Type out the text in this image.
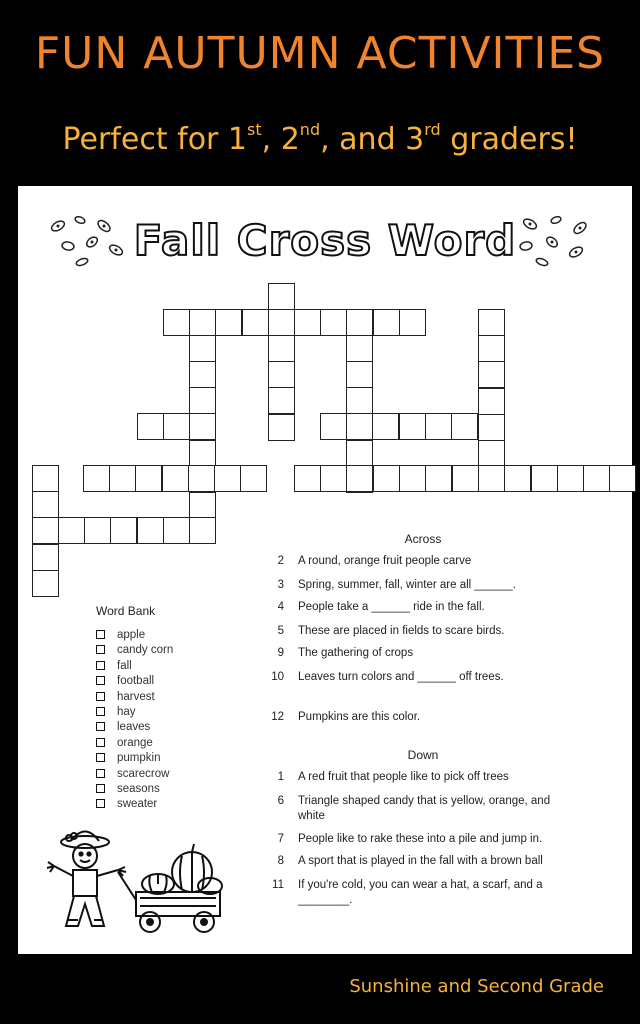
FUN AUTUMN ACTIVITIES
Perfect for 1st, 2nd, and 3rd graders!
Fall Cross Word
Across
2 A round, orange fruit people carve
3 Spring, summer, fall, winter are all ______.
4 People take a ______ ride in the fall.
5 These are placed in fields to scare birds.
9 The gathering of crops
10 Leaves turn colors and ______ off trees.
12 Pumpkins are this color.
Down
1 A red fruit that people like to pick off trees
6 Triangle shaped candy that is yellow, orange, and white
7 People like to rake these into a pile and jump in.
8 A sport that is played in the fall with a brown ball
11 If you're cold, you can wear a hat, a scarf, and a ________.
Word Bank
apple
candy corn
fall
football
harvest
hay
leaves
orange
pumpkin
scarecrow
seasons
sweater
Sunshine and Second Grade
